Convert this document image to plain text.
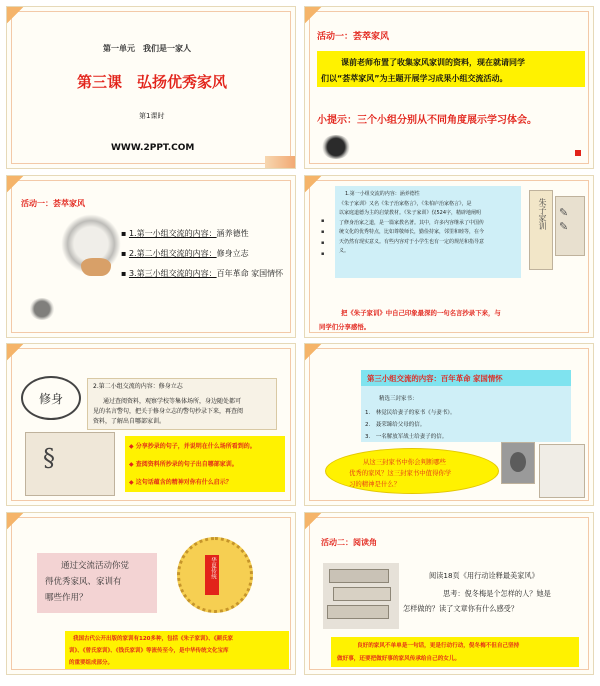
第一单元　我们是一家人
第三课　弘扬优秀家风
第1课时
WWW.2PPT.COM
活动一：荟萃家风
课前老师布置了收集家风家训的资料，现在就请同学
们以“荟萃家风”为主题开展学习成果小组交流活动。
小提示：三个小组分别从不同角度展示学习体会。
活动一：荟萃家风
▪ 1.第一小组交流的内容：涵养德性
▪ 2.第二小组交流的内容：修身立志
▪ 3.第三小组交流的内容：百年革命 家国情怀
1.第一小组交流的内容：涵养德性
《朱子家训》又名《朱子治家格言》，《朱柏庐治家格言》，是
以家庭道德为主的启蒙教材。《朱子家训》仅524字，精辟地阐明
了修身治家之道，是一篇家教名著。其中，许多内容继承了中国传
统文化的优秀特点，比如尊敬师长，勤俭持家，邻里和睦等，在今
天仍然有现实意义。有些内容对于小学生也有一定的规范和指导意
义。
▪
▪
▪
▪
朱子家训 ✎
✎
把《朱子家训》中自己印象最深的一句名言抄录下来，与
同学们分享感悟。
修身
2.第二小组交流的内容：修身立志
通过查阅资料，观察学校等集体场所，身边随处都可
见的名言警句，把关于修身立志的警句抄录下来，再查阅
资料，了解出自哪部家训。
§	◆ 分享抄录的句子，并说明在什么场所看到的。
◆ 查阅资料所抄录的句子出自哪部家训。
◆ 这句话蕴含的精神对你有什么启示？
第三小组交流的内容：百年革命 家国情怀
精选三封家书：
1.　林觉民给妻子的家书《与妻书》。
2.　聂荣臻给父母的信。
3.　一名解放军战士给妻子的信。
从这三封家书中你会判断哪些
优秀的家风？这三封家书中值得你学
习的精神是什么？
通过交流活动你觉
得优秀家风、家训有
哪些作用？
华夏传统
我国古代公开出版的家训有120多种，包括《朱子家训》、《颜氏家
训》、《曾氏家训》、《钱氏家训》等流传至今，是中华传统文化宝库
的重要组成部分。
活动二：阅读角
阅读18页《用行动诠释最美家风》
思考：倪冬梅是个怎样的人？她是
怎样做的？读了文章你有什么感受？
良好的家风不单单是一句话，更是行动行动，倪冬梅不但自己坚持
做好事，还要把做好事的家风传承给自己的女儿。
